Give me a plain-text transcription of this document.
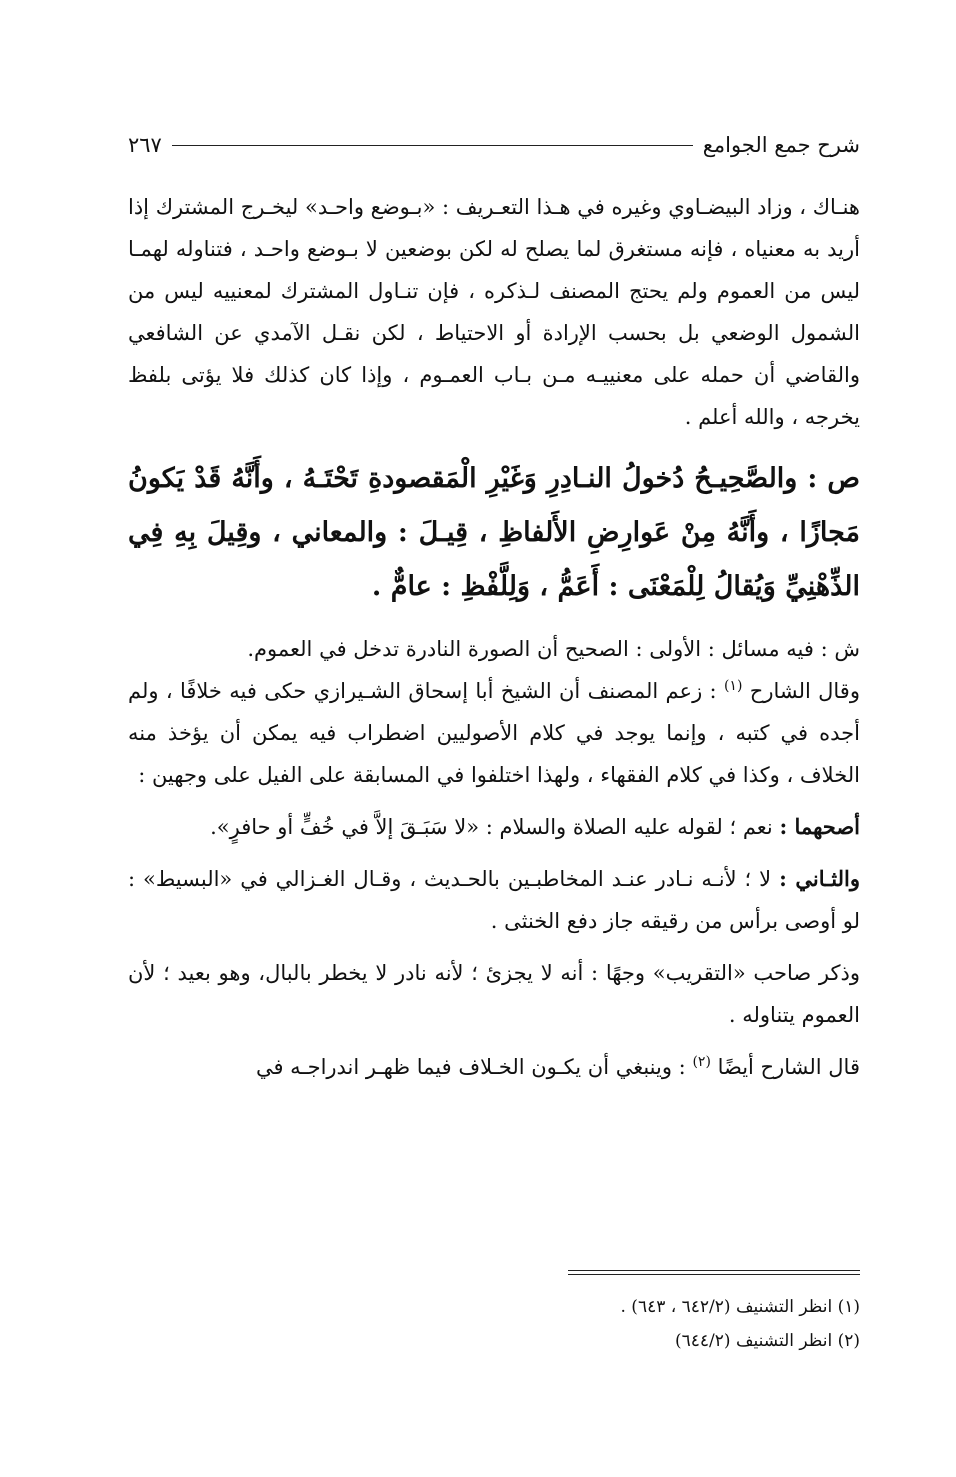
شرح جمع الجوامع
٢٦٧

هنـاك ، وزاد البيضـاوي وغيره في هـذا التعـريف : «بـوضع واحـد» ليخـرج المشترك إذا أريد به معنياه ، فإنه مستغرق لما يصلح له لكن بوضعين لا بـوضع واحـد ، فتناوله لهمـا ليس من العموم ولم يحتج المصنف لـذكره ، فإن تنـاول المشترك لمعنييه ليس من الشمول الوضعي بل بحسب الإرادة أو الاحتياط ، لكن نقـل الآمدي عن الشافعي والقاضي أن حمله على معنييـه مـن بـاب العمـوم ، وإذا كان كذلك فلا يؤتى بلفظ يخرجه ، والله أعلم .

ص : والصَّحِيـحُ دُخولُ النـادِرِ وَغَيْرِ الْمَقصودةِ تَحْتَـهُ ، وأَنَّهُ قَدْ يَكونُ مَجازًا ، وأَنَّهُ مِنْ عَوارِضِ الأَلفاظِ ، قِيـلَ : والمعاني ، وقِيلَ بِهِ فِي الذِّهْنِيِّ وَيُقالُ لِلْمَعْنَى : أَعَمُّ ، وَلِلَّفْظِ : عامٌّ .

ش : فيه مسائل : الأولى : الصحيح أن الصورة النادرة تدخل في العموم.

وقال الشارح $^{(١)}$ : زعم المصنف أن الشيخ أبا إسحاق الشـيرازي حكى فيه خلافًا ، ولم أجده في كتبه ، وإنما يوجد في كلام الأصوليين اضطراب فيه يمكن أن يؤخذ منه الخلاف ، وكذا في كلام الفقهاء ، ولهذا اختلفوا في المسابقة على الفيل على وجهين :

أصحهما : نعم ؛ لقوله عليه الصلاة والسلام : «لا سَبَـقَ إلاَّ في خُفٍّ أو حافرٍ».

والثـاني : لا ؛ لأنـه نـادر عنـد المخاطبـين بالحـديث ، وقـال الغـزالي في «البسيط» : لو أوصى برأس من رقيقه جاز دفع الخنثى .

وذكر صاحب «التقريب» وجهًا : أنه لا يجزئ ؛ لأنه نادر لا يخطر بالبال، وهو بعيد ؛ لأن العموم يتناوله .

قال الشارح أيضًا $^{(٢)}$ : وينبغي أن يكـون الخـلاف فيما ظهـر اندراجـه في

(١) انظر التشنيف (٦٤٢/٢ ، ٦٤٣) .

(٢) انظر التشنيف (٦٤٤/٢)
